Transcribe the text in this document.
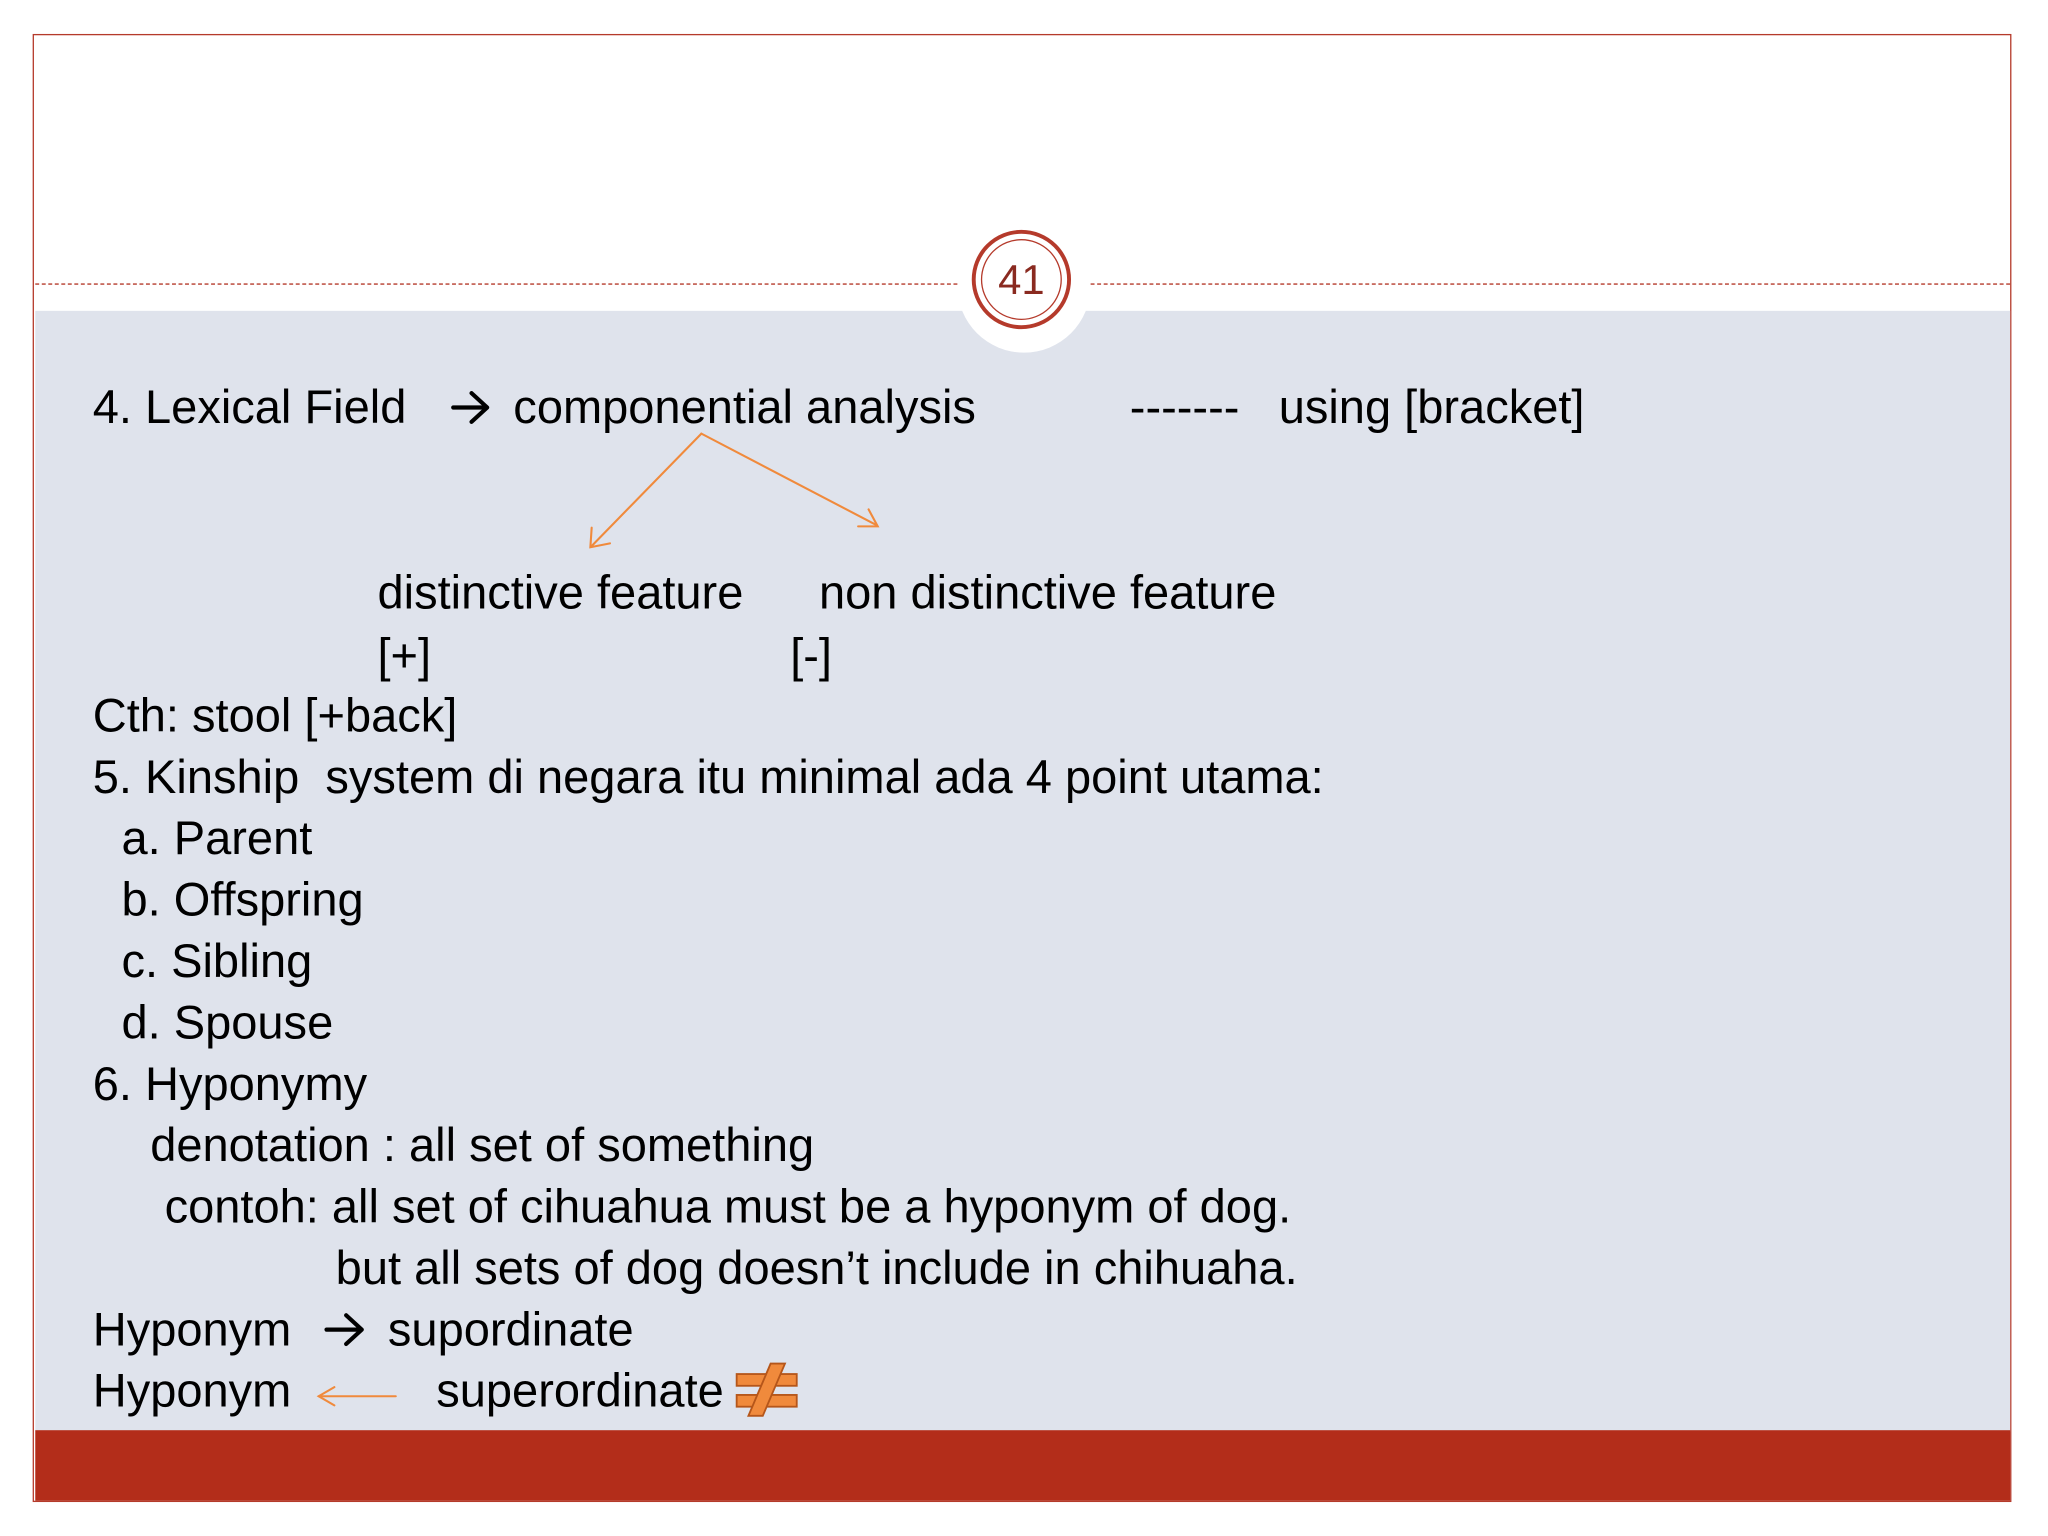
41
4. Lexical Field	componential analysis	------- using [bracket]
distinctive feature non distinctive feature
[+]	[-]
Cth: stool [+back]
5. Kinship  system di negara itu minimal ada 4 point utama:
a. Parent
b. Offspring
c. Sibling
d. Spouse
6. Hyponymy
denotation : all set of something
contoh: all set of cihuahua must be a hyponym of dog.
but all sets of dog doesn’t include in chihuaha.
Hyponym	supordinate
Hyponym	superordinate
